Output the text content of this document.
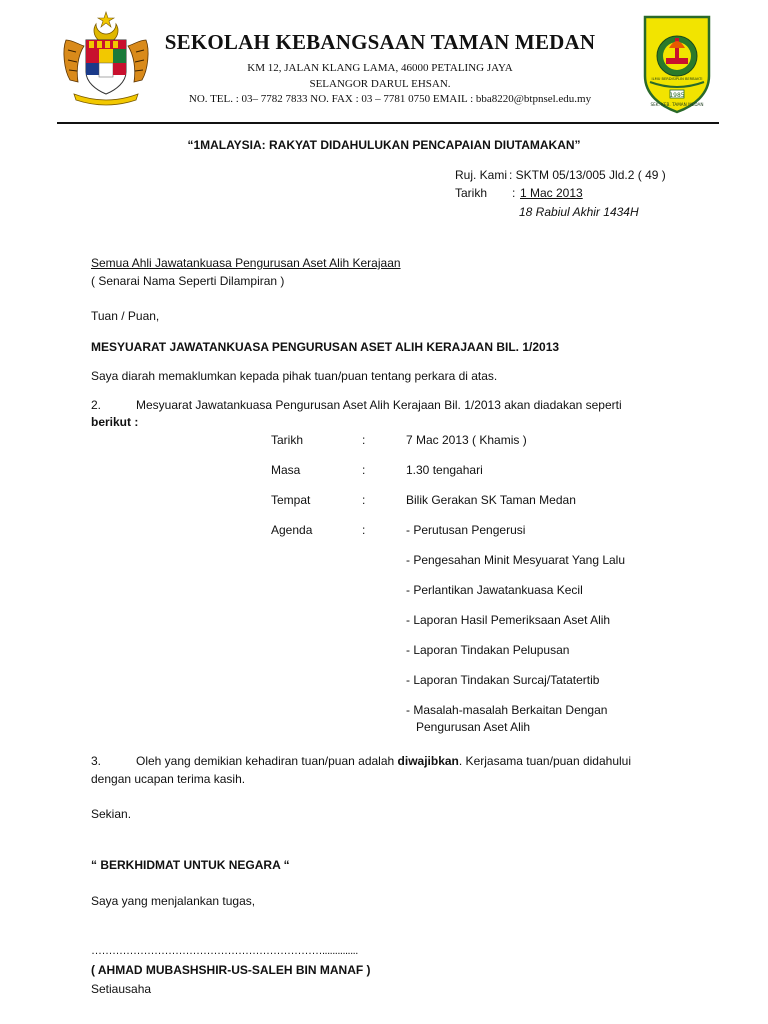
1985
SEK. KEB. TAMAN MEDAN
ILMU BERDISIPLIN BERBAKTI
SEKOLAH KEBANGSAAN TAMAN MEDAN
KM 12, JALAN KLANG LAMA, 46000 PETALING JAYA
SELANGOR DARUL EHSAN.
NO. TEL. : 03– 7782 7833 NO. FAX : 03 – 7781 0750 EMAIL : bba8220@btpnsel.edu.my
“1MALAYSIA: RAKYAT DIDAHULUKAN PENCAPAIAN DIUTAMAKAN”
Ruj. Kami : SKTM 05/13/005 Jld.2 ( 49 )
Tarikh : 1 Mac 2013
18 Rabiul Akhir 1434H
Semua Ahli Jawatankuasa Pengurusan Aset Alih Kerajaan
( Senarai Nama Seperti Dilampiran )
Tuan / Puan,
MESYUARAT JAWATANKUASA PENGURUSAN ASET ALIH KERAJAAN BIL. 1/2013
Saya diarah memaklumkan kepada pihak tuan/puan tentang perkara di atas.
2.	Mesyuarat Jawatankuasa Pengurusan Aset Alih Kerajaan Bil. 1/2013 akan diadakan seperti
berikut :
Tarikh	:	7 Mac 2013 ( Khamis )
Masa	:	1.30 tengahari
Tempat	:	Bilik Gerakan SK Taman Medan
Agenda	:	- Perutusan Pengerusi
- Pengesahan Minit Mesyuarat Yang Lalu
- Perlantikan Jawatankuasa Kecil
- Laporan Hasil Pemeriksaan Aset Alih
- Laporan Tindakan Pelupusan
- Laporan Tindakan Surcaj/Tatatertib
- Masalah-masalah Berkaitan Dengan
Pengurusan Aset Alih
3.	Oleh yang demikian kehadiran tuan/puan adalah diwajibkan. Kerjasama tuan/puan didahului
dengan ucapan terima kasih.
Sekian.
“ BERKHIDMAT UNTUK NEGARA “
Saya yang menjalankan tugas,
…………………………………………………………..............
( AHMAD MUBASHSHIR-US-SALEH BIN MANAF )
Setiausaha
